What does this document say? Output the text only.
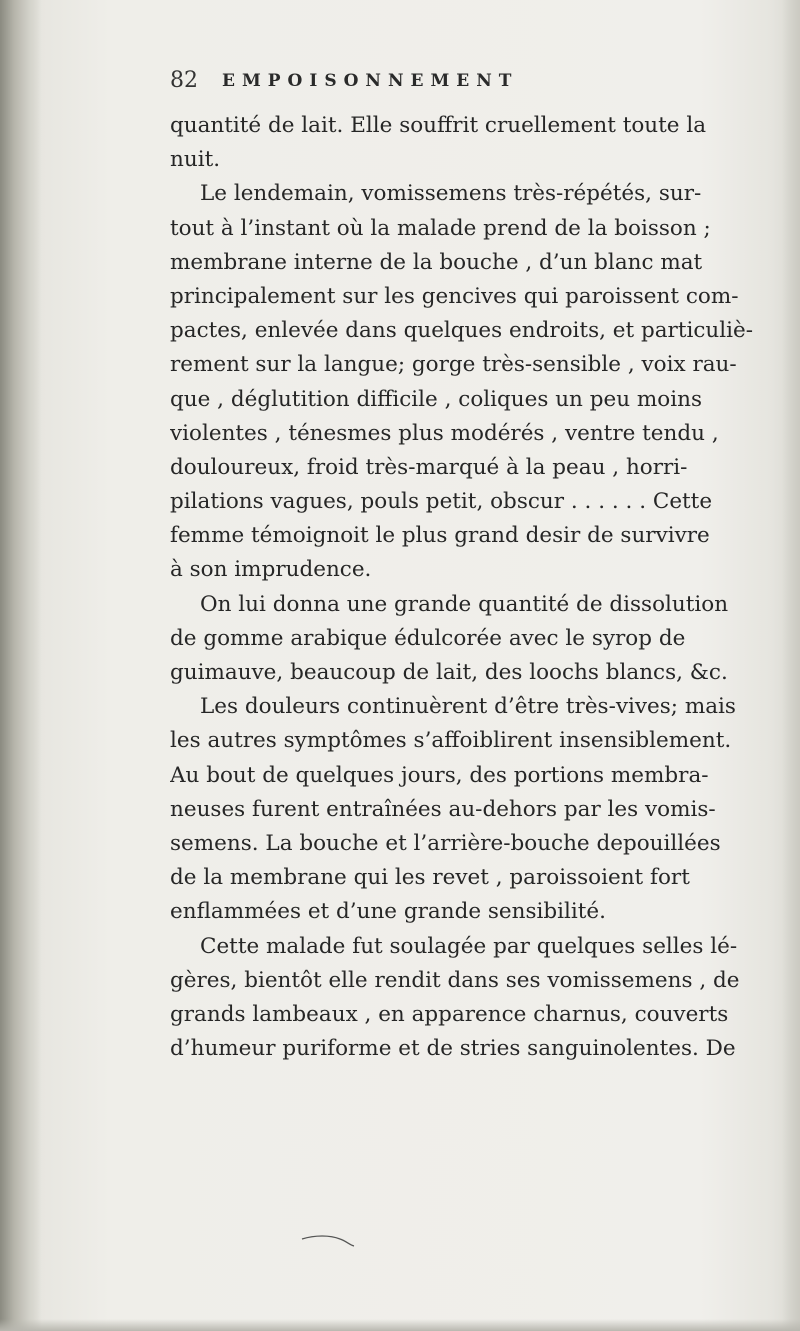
82 EMPOISONNEMENT
quantité de lait. Elle souffrit cruellement toute la
nuit.
Le lendemain, vomissemens très-répétés, sur-
tout à l’instant où la malade prend de la boisson ;
membrane interne de la bouche , d’un blanc mat
principalement sur les gencives qui paroissent com-
pactes, enlevée dans quelques endroits, et particuliè-
rement sur la langue; gorge très-sensible , voix rau-
que , déglutition difficile , coliques un peu moins
violentes , ténesmes plus modérés , ventre tendu ,
douloureux, froid très-marqué à la peau , horri-
pilations vagues, pouls petit, obscur . . . . . . Cette
femme témoignoit le plus grand desir de survivre
à son imprudence.
On lui donna une grande quantité de dissolution
de gomme arabique édulcorée avec le syrop de
guimauve, beaucoup de lait, des loochs blancs, &c.
Les douleurs continuèrent d’être très-vives; mais
les autres symptômes s’affoiblirent insensiblement.
Au bout de quelques jours, des portions membra-
neuses furent entraînées au-dehors par les vomis-
semens. La bouche et l’arrière-bouche depouillées
de la membrane qui les revet , paroissoient fort
enflammées et d’une grande sensibilité.
Cette malade fut soulagée par quelques selles lé-
gères, bientôt elle rendit dans ses vomissemens , de
grands lambeaux , en apparence charnus, couverts
d’humeur puriforme et de stries sanguinolentes. De
